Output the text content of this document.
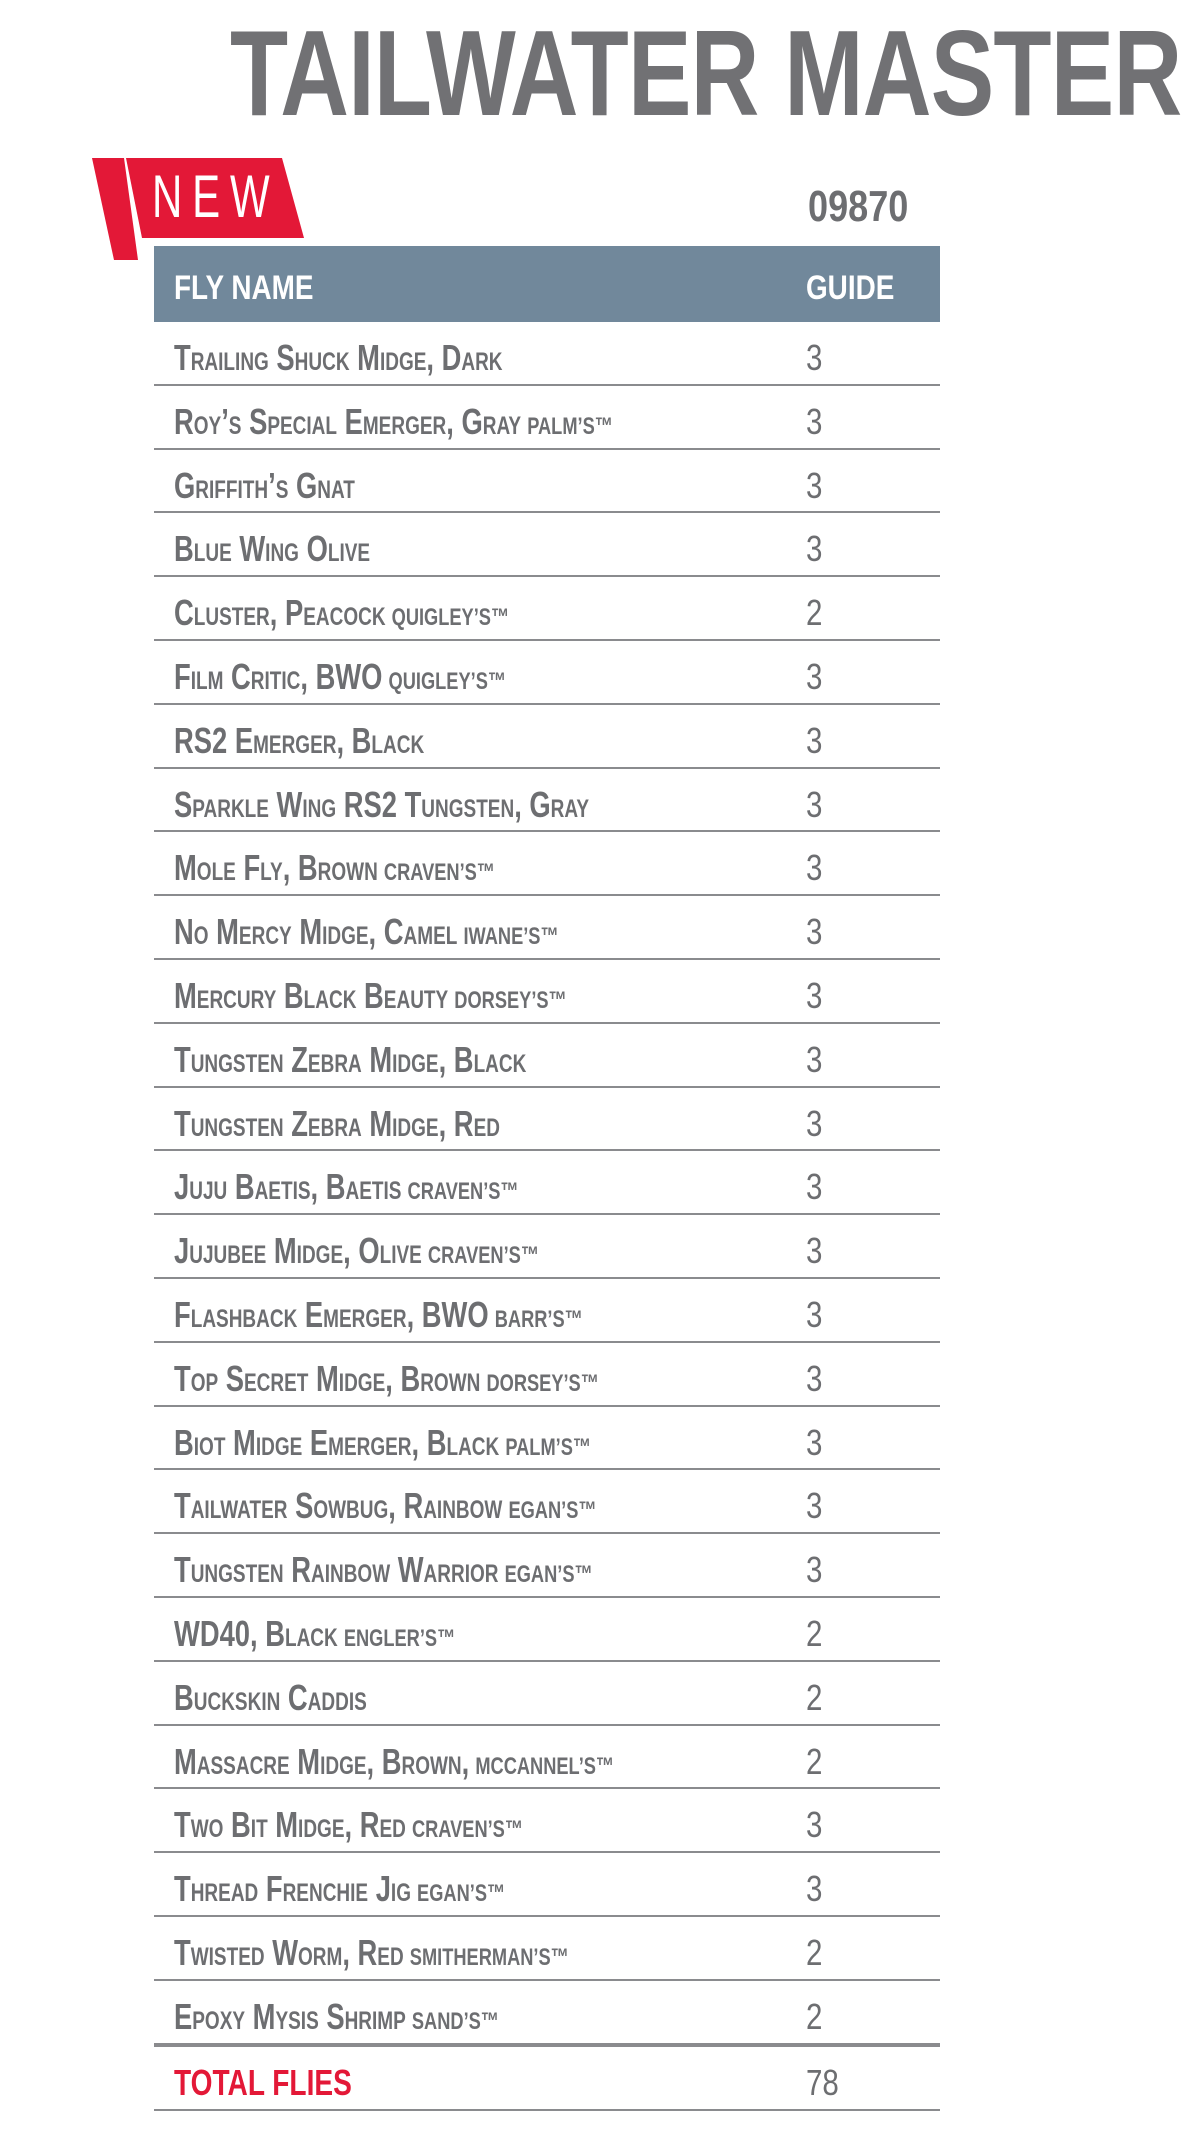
TAILWATER MASTER
NEW	09870
FLY NAME	GUIDE
Trailing Shuck Midge, Dark	3
Roy’s Special Emerger, Gray PALM’S™	3
Griffith’s Gnat	3
Blue Wing Olive	3
Cluster, Peacock QUIGLEY’S™	2
Film Critic, BWO QUIGLEY’S™	3
RS2 Emerger, Black	3
Sparkle Wing RS2 Tungsten, Gray	3
Mole Fly, Brown CRAVEN’S™	3
No Mercy Midge, Camel IWANE’S™	3
Mercury Black Beauty DORSEY’S™	3
Tungsten Zebra Midge, Black	3
Tungsten Zebra Midge, Red	3
Juju Baetis, Baetis CRAVEN’S™	3
Jujubee Midge, Olive CRAVEN’S™	3
Flashback Emerger, BWO BARR’S™	3
Top Secret Midge, Brown DORSEY’S™	3
Biot Midge Emerger, Black PALM’S™	3
Tailwater Sowbug, Rainbow EGAN’S™	3
Tungsten Rainbow Warrior EGAN’S™	3
WD40, Black ENGLER’S™	2
Buckskin Caddis	2
Massacre Midge, Brown, MCCANNEL’S™	2
Two Bit Midge, Red CRAVEN’S™	3
Thread Frenchie Jig EGAN’S™	3
Twisted Worm, Red SMITHERMAN’S™	2
Epoxy Mysis Shrimp SAND’S™	2
TOTAL FLIES	78
